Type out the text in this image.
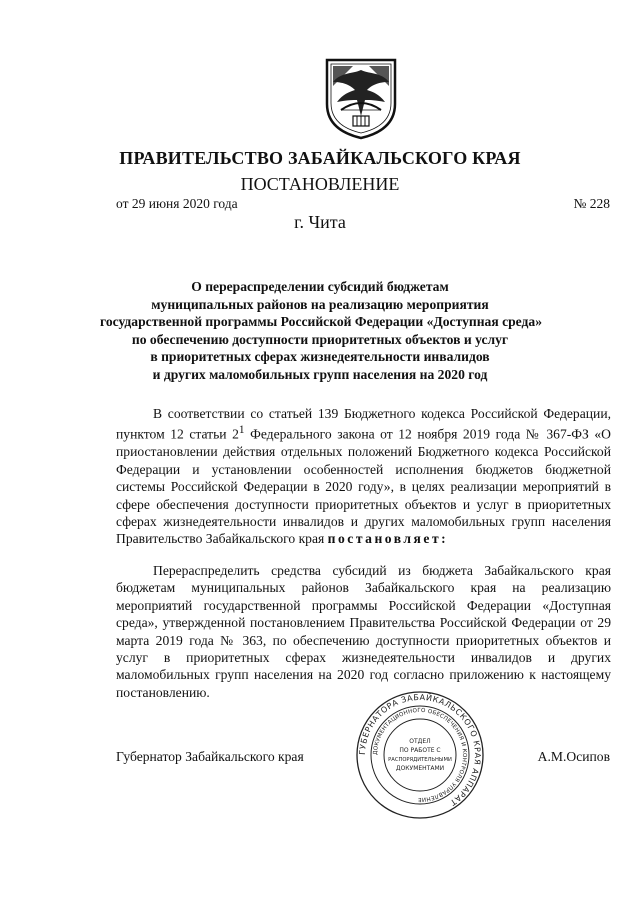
ПРАВИТЕЛЬСТВО ЗАБАЙКАЛЬСКОГО КРАЯ
ПОСТАНОВЛЕНИЕ
от 29 июня 2020 года	№ 228
г. Чита
О перераспределении субсидий бюджетам
муниципальных районов на реализацию мероприятия
государственной программы Российской Федерации «Доступная среда»
по обеспечению доступности приоритетных объектов и услуг
в приоритетных сферах жизнедеятельности инвалидов
и других маломобильных групп населения на 2020 год

В соответствии со статьей 139 Бюджетного кодекса Российской Федерации, пунктом 12 статьи $2^1$ Федерального закона от 12 ноября 2019 года № 367-ФЗ «О приостановлении действия отдельных положений Бюджетного кодекса Российской Федерации и установлении особенностей исполнения бюджетов бюджетной системы Российской Федерации в 2020 году», в целях реализации мероприятий в сфере обеспечения доступности приоритетных объектов и услуг в приоритетных сферах жизнедеятельности инвалидов и других маломобильных групп населения Правительство Забайкальского края постановляет:

Перераспределить средства субсидий из бюджета Забайкальского края бюджетам муниципальных районов Забайкальского края на реализацию мероприятий государственной программы Российской Федерации «Доступная среда», утвержденной постановлением Правительства Российской Федерации от 29 марта 2019 года № 363, по обеспечению доступности приоритетных объектов и услуг в приоритетных сферах жизнедеятельности инвалидов и других маломобильных групп населения на 2020 год согласно приложению к настоящему постановлению.

Губернатор Забайкальского края	А.М.Осипов
ГУБЕРНАТОРА ЗАБАЙКАЛЬСКОГО КРАЯ АППАРАТ
ДОКУМЕНТАЦИОННОГО ОБЕСПЕЧЕНИЯ И КОНТРОЛЯ УПРАВЛЕНИЕ
ОТДЕЛ
ПО РАБОТЕ С
РАСПОРЯДИТЕЛЬНЫМИ
ДОКУМЕНТАМИ
